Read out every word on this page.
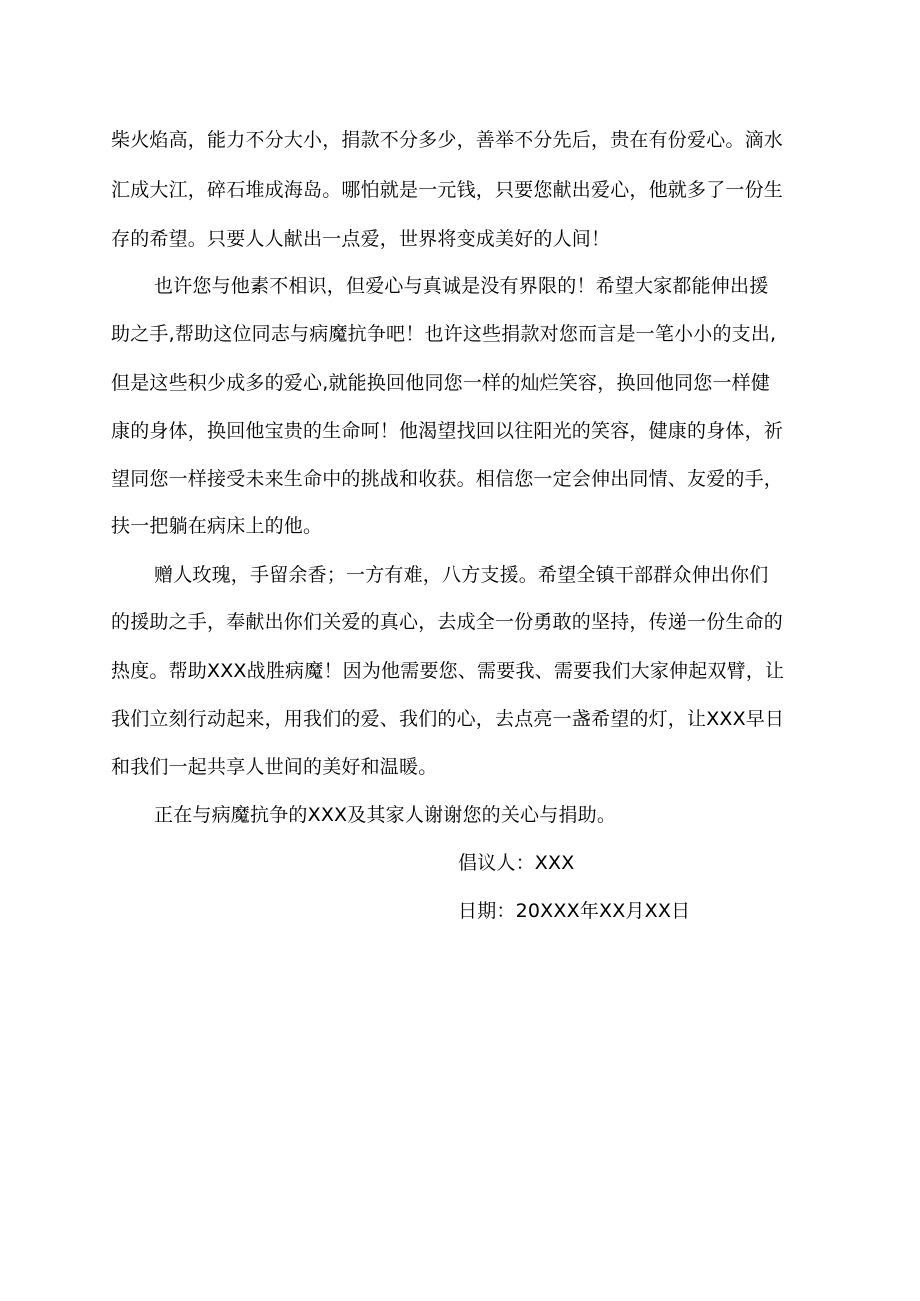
柴火焰高，能力不分大小，捐款不分多少，善举不分先后，贵在有份爱心。滴水
汇成大江，碎石堆成海岛。哪怕就是一元钱，只要您献出爱心，他就多了一份生
存的希望。只要人人献出一点爱，世界将变成美好的人间！
也许您与他素不相识，但爱心与真诚是没有界限的！希望大家都能伸出援
助之手,帮助这位同志与病魔抗争吧！也许这些捐款对您而言是一笔小小的支出,
但是这些积少成多的爱心,就能换回他同您一样的灿烂笑容，换回他同您一样健
康的身体，换回他宝贵的生命呵！他渴望找回以往阳光的笑容，健康的身体，祈
望同您一样接受未来生命中的挑战和收获。相信您一定会伸出同情、友爱的手，
扶一把躺在病床上的他。
赠人玫瑰，手留余香；一方有难，八方支援。希望全镇干部群众伸出你们
的援助之手，奉献出你们关爱的真心，去成全一份勇敢的坚持，传递一份生命的
热度。帮助XXX战胜病魔！因为他需要您、需要我、需要我们大家伸起双臂，让
我们立刻行动起来，用我们的爱、我们的心，去点亮一盏希望的灯，让XXX早日
和我们一起共享人世间的美好和温暖。
正在与病魔抗争的XXX及其家人谢谢您的关心与捐助。
倡议人：XXX
日期：20XXX年XX月XX日
